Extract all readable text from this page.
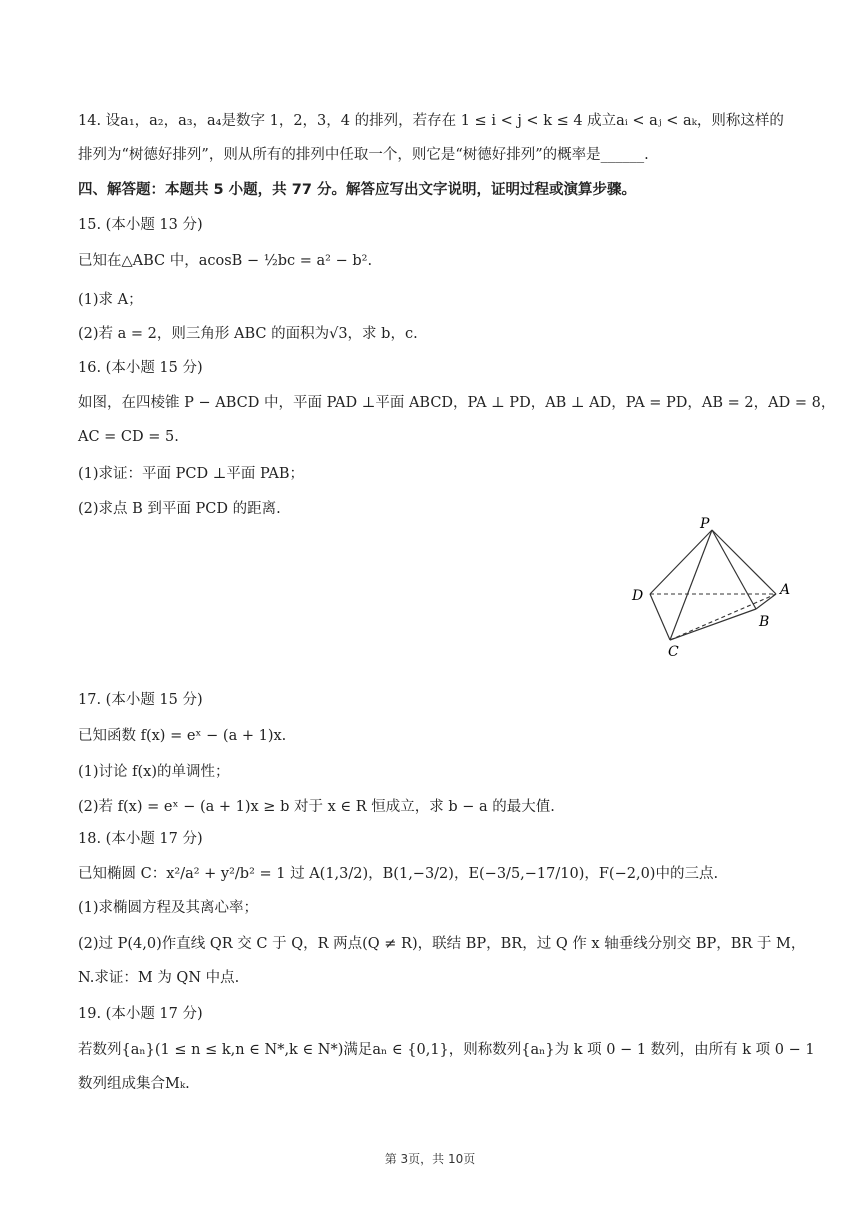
14. 设a₁，a₂，a₃，a₄是数字 1，2，3，4 的排列，若存在 1 ≤ i < j < k ≤ 4 成立aᵢ < aⱼ < aₖ，则称这样的
排列为“树德好排列”，则从所有的排列中任取一个，则它是“树德好排列”的概率是______.
四、解答题：本题共 5 小题，共 77 分。解答应写出文字说明，证明过程或演算步骤。
15. (本小题 13 分)
已知在△ABC 中，acosB − ½bc = a² − b².
(1)求 A；
(2)若 a = 2，则三角形 ABC 的面积为√3，求 b，c.
16. (本小题 15 分)
如图，在四棱锥 P − ABCD 中，平面 PAD ⊥平面 ABCD，PA ⊥ PD，AB ⊥ AD，PA = PD，AB = 2，AD = 8，
AC = CD = 5.
(1)求证：平面 PCD ⊥平面 PAB；
(2)求点 B 到平面 PCD 的距离.
17. (本小题 15 分)
已知函数 f(x) = eˣ − (a + 1)x.
(1)讨论 f(x)的单调性；
(2)若 f(x) = eˣ − (a + 1)x ≥ b 对于 x ∈ R 恒成立，求 b − a 的最大值.
18. (本小题 17 分)
已知椭圆 C：x²/a² + y²/b² = 1 过 A(1,3/2)，B(1,−3/2)，E(−3/5,−17/10)，F(−2,0)中的三点.
(1)求椭圆方程及其离心率；
(2)过 P(4,0)作直线 QR 交 C 于 Q，R 两点(Q ≠ R)，联结 BP，BR，过 Q 作 x 轴垂线分别交 BP，BR 于 M，
N.求证：M 为 QN 中点.
19. (本小题 17 分)
若数列{aₙ}(1 ≤ n ≤ k,n ∈ N*,k ∈ N*)满足aₙ ∈ {0,1}，则称数列{aₙ}为 k 项 0 − 1 数列，由所有 k 项 0 − 1
数列组成集合Mₖ.
P
D	A
B
C
第 3页，共 10页
